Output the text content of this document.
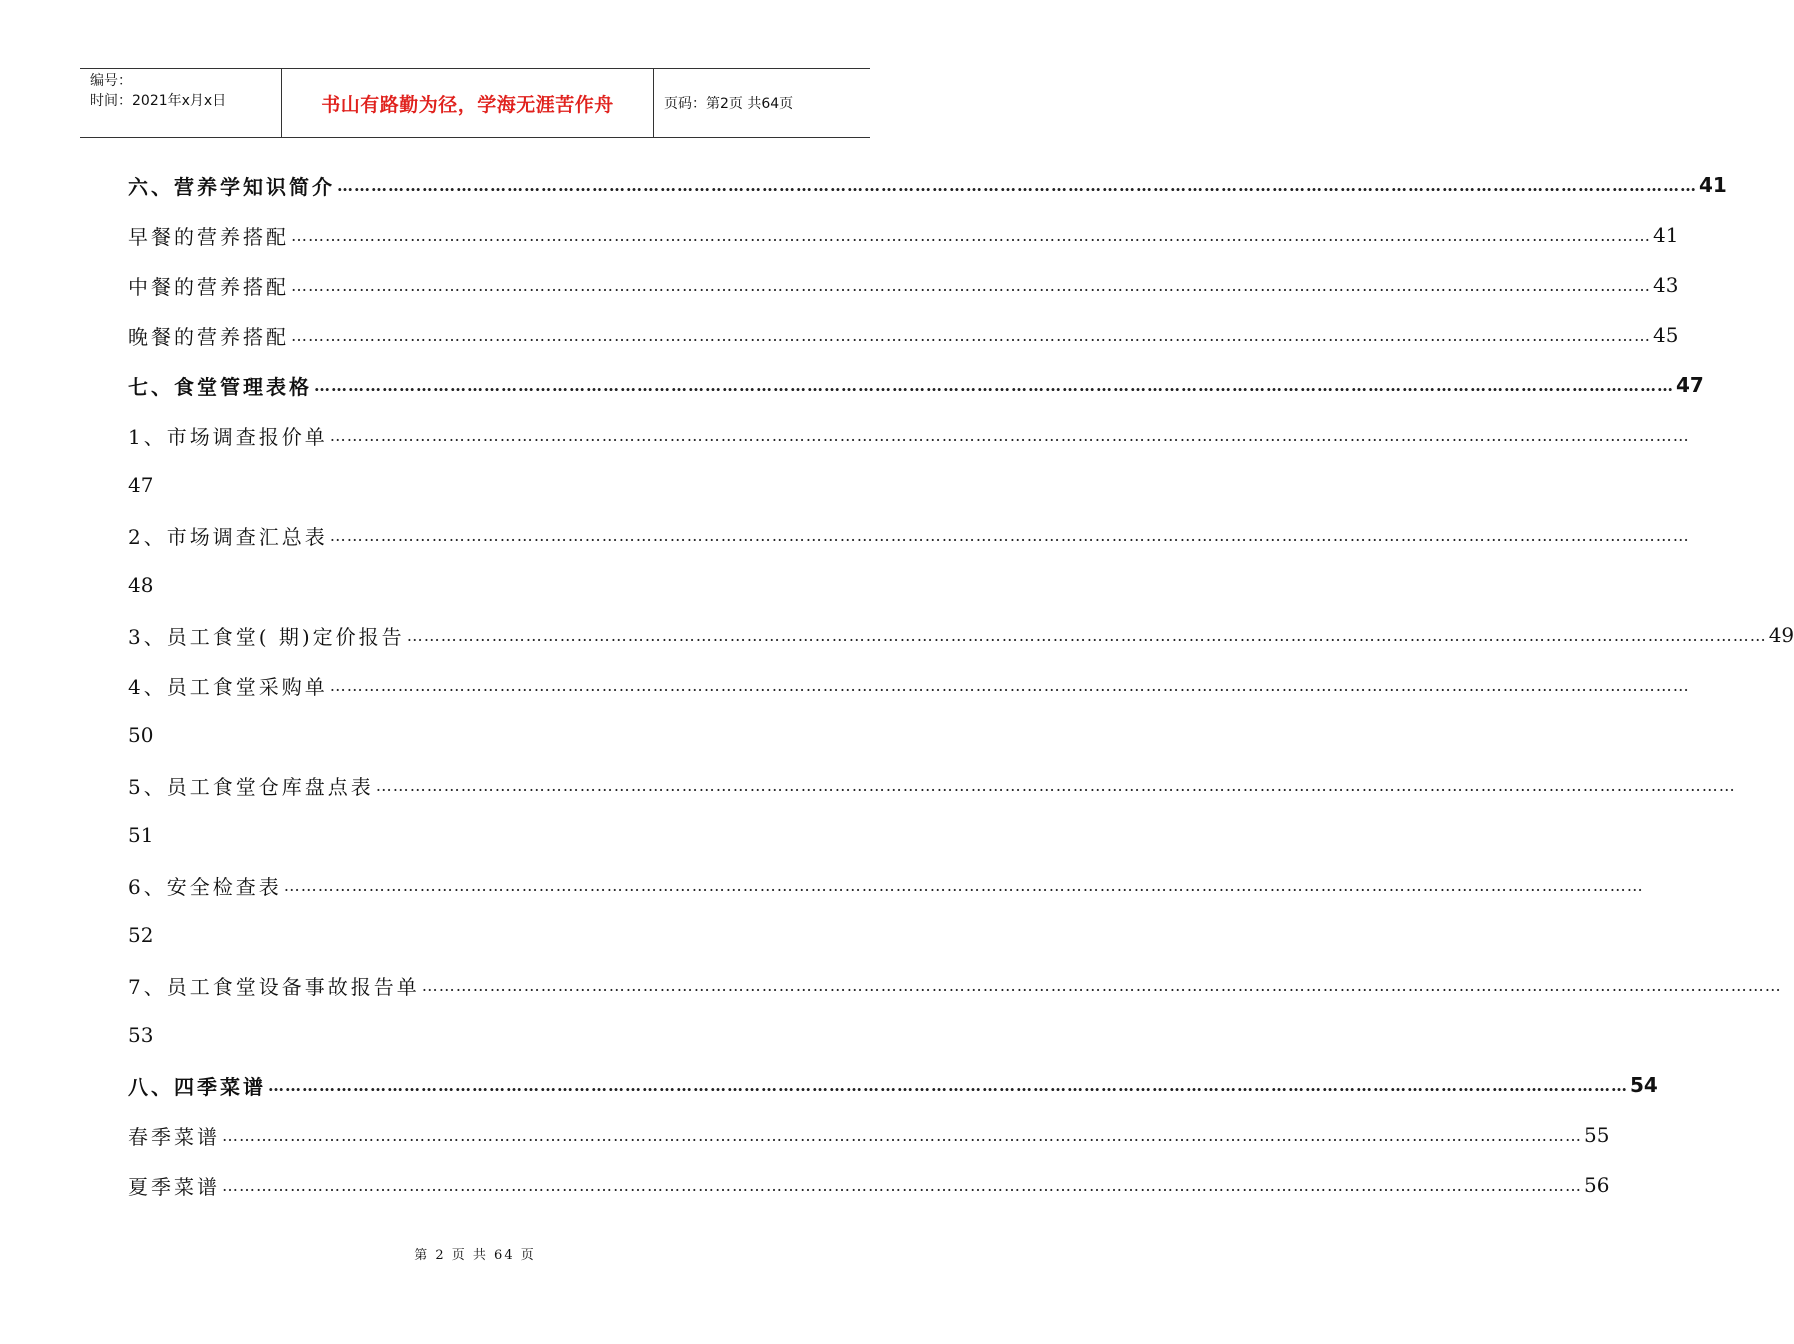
编号：
时间：2021年x月x日	书山有路勤为径，学海无涯苦作舟	页码：第2页 共64页
六、营养学知识简介 …………………………………………………………………………………………………………………………………………………………………………………………………………………… 41
早餐的营养搭配 …………………………………………………………………………………………………………………………………………………………………………………………………………………… 41
中餐的营养搭配 …………………………………………………………………………………………………………………………………………………………………………………………………………………… 43
晚餐的营养搭配 …………………………………………………………………………………………………………………………………………………………………………………………………………………… 45
七、食堂管理表格 …………………………………………………………………………………………………………………………………………………………………………………………………………………… 47
1、市场调查报价单 ……………………………………………………………………………………………………………………………………………………………………………………………………………………
47
2、市场调查汇总表 ……………………………………………………………………………………………………………………………………………………………………………………………………………………
48
3、员工食堂( 期)定价报告 …………………………………………………………………………………………………………………………………………………………………………………………………………………… 49
4、员工食堂采购单 ……………………………………………………………………………………………………………………………………………………………………………………………………………………
50
5、员工食堂仓库盘点表 ……………………………………………………………………………………………………………………………………………………………………………………………………………………
51
6、安全检查表 ……………………………………………………………………………………………………………………………………………………………………………………………………………………
52
7、员工食堂设备事故报告单 ……………………………………………………………………………………………………………………………………………………………………………………………………………………
53
八、四季菜谱 …………………………………………………………………………………………………………………………………………………………………………………………………………………… 54
春季菜谱 …………………………………………………………………………………………………………………………………………………………………………………………………………………… 55
夏季菜谱 …………………………………………………………………………………………………………………………………………………………………………………………………………………… 56
第 2 页 共 64 页
